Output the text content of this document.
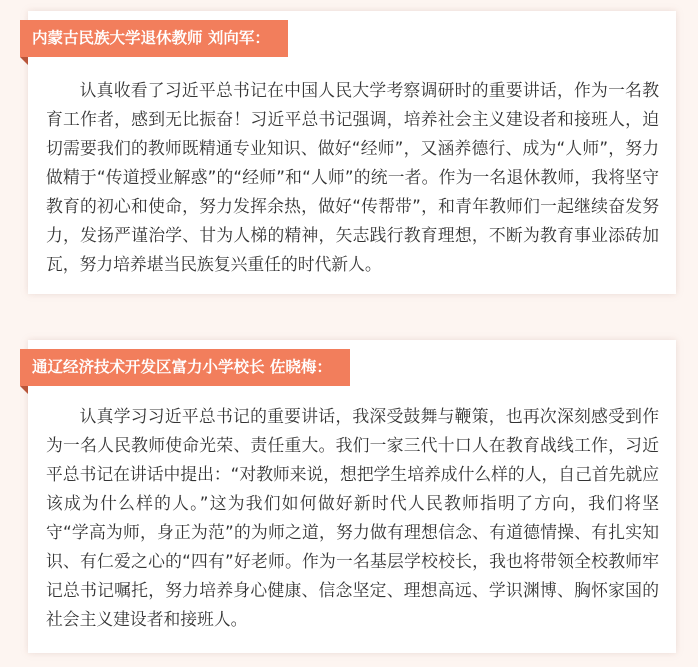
内蒙古民族大学退休教师 刘向军：

认真收看了习近平总书记在中国人民大学考察调研时的重要讲话，作为一名教育工作者，感到无比振奋！习近平总书记强调，培养社会主义建设者和接班人，迫切需要我们的教师既精通专业知识、做好“经师”，又涵养德行、成为“人师”，努力做精于“传道授业解惑”的“经师”和“人师”的统一者。作为一名退休教师，我将坚守教育的初心和使命，努力发挥余热，做好“传帮带”，和青年教师们一起继续奋发努力，发扬严谨治学、甘为人梯的精神，矢志践行教育理想，不断为教育事业添砖加瓦，努力培养堪当民族复兴重任的时代新人。

通辽经济技术开发区富力小学校长 佐晓梅：

认真学习习近平总书记的重要讲话，我深受鼓舞与鞭策，也再次深刻感受到作为一名人民教师使命光荣、责任重大。我们一家三代十口人在教育战线工作，习近平总书记在讲话中提出：“对教师来说，想把学生培养成什么样的人，自己首先就应该成为什么样的人。”这为我们如何做好新时代人民教师指明了方向，我们将坚守“学高为师，身正为范”的为师之道，努力做有理想信念、有道德情操、有扎实知识、有仁爱之心的“四有”好老师。作为一名基层学校校长，我也将带领全校教师牢记总书记嘱托，努力培养身心健康、信念坚定、理想高远、学识渊博、胸怀家国的社会主义建设者和接班人。
